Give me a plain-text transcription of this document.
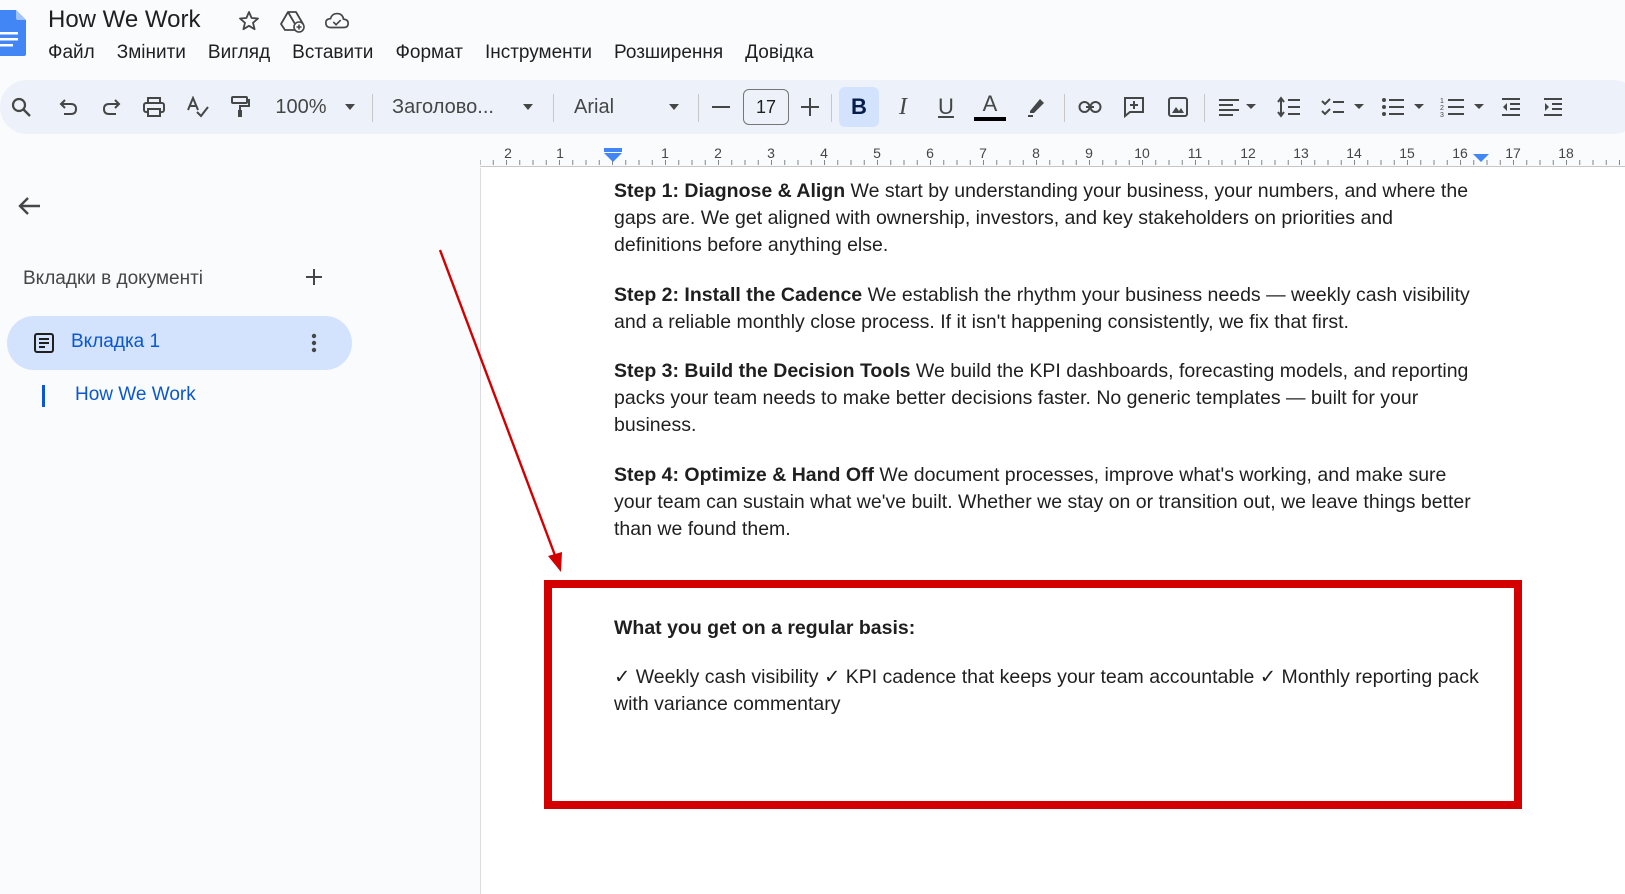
How We Work
Файл Змінити Вигляд Вставити Формат Інструменти Розширення Довідка
100%	Заголово...	Arial	17	B	I	U A	1
2
3
2	1	1	2	3	4	5	6	7	8	9	10	11	12	13	14	15	16	17	18
Вкладки в документі
Вкладка 1
How We Work
Step 1: Diagnose & Align We start by understanding your business, your numbers, and where the gaps are. We get aligned with ownership, investors, and key stakeholders on priorities and definitions before anything else.
Step 2: Install the Cadence We establish the rhythm your business needs — weekly cash visibility and a reliable monthly close process. If it isn't happening consistently, we fix that first.
Step 3: Build the Decision Tools We build the KPI dashboards, forecasting models, and reporting packs your team needs to make better decisions faster. No generic templates — built for your business.
Step 4: Optimize & Hand Off We document processes, improve what's working, and make sure your team can sustain what we've built. Whether we stay on or transition out, we leave things better than we found them.
What you get on a regular basis:
✓ Weekly cash visibility ✓ KPI cadence that keeps your team accountable ✓ Monthly reporting pack with variance commentary
